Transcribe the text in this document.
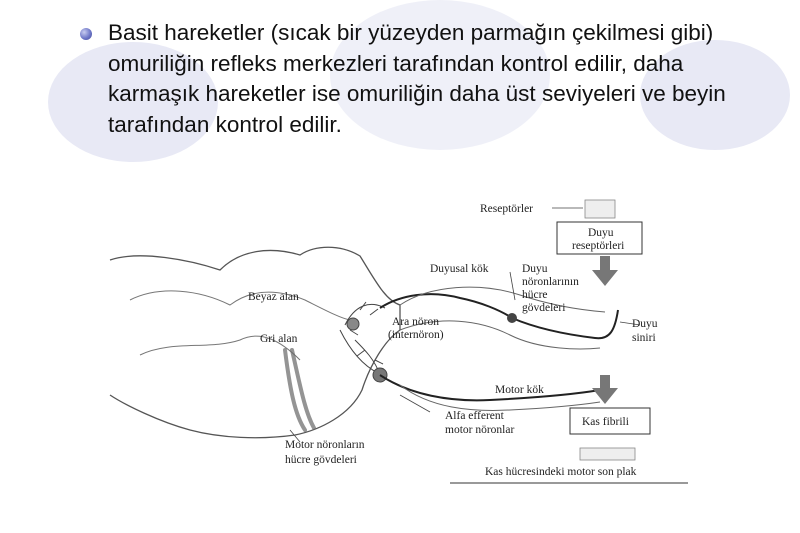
Basit hareketler (sıcak bir yüzeyden parmağın çekilmesi gibi) omuriliğin refleks merkezleri tarafından kontrol edilir, daha karmaşık hareketler ise omuriliğin daha üst seviyeleri ve beyin tarafından kontrol edilir.
Reseptörler
Duyu
reseptörleri
Duyusal kök	Duyu
nöronlarının
hücre
gövdeleri
Beyaz alan
Gri alan
Ara nöron
(internöron)
Duyu
siniri
Motor kök
Alfa efferent
motor nöronlar
Kas fibrili
Motor nöronların
hücre gövdeleri
Kas hücresindeki motor son plak
